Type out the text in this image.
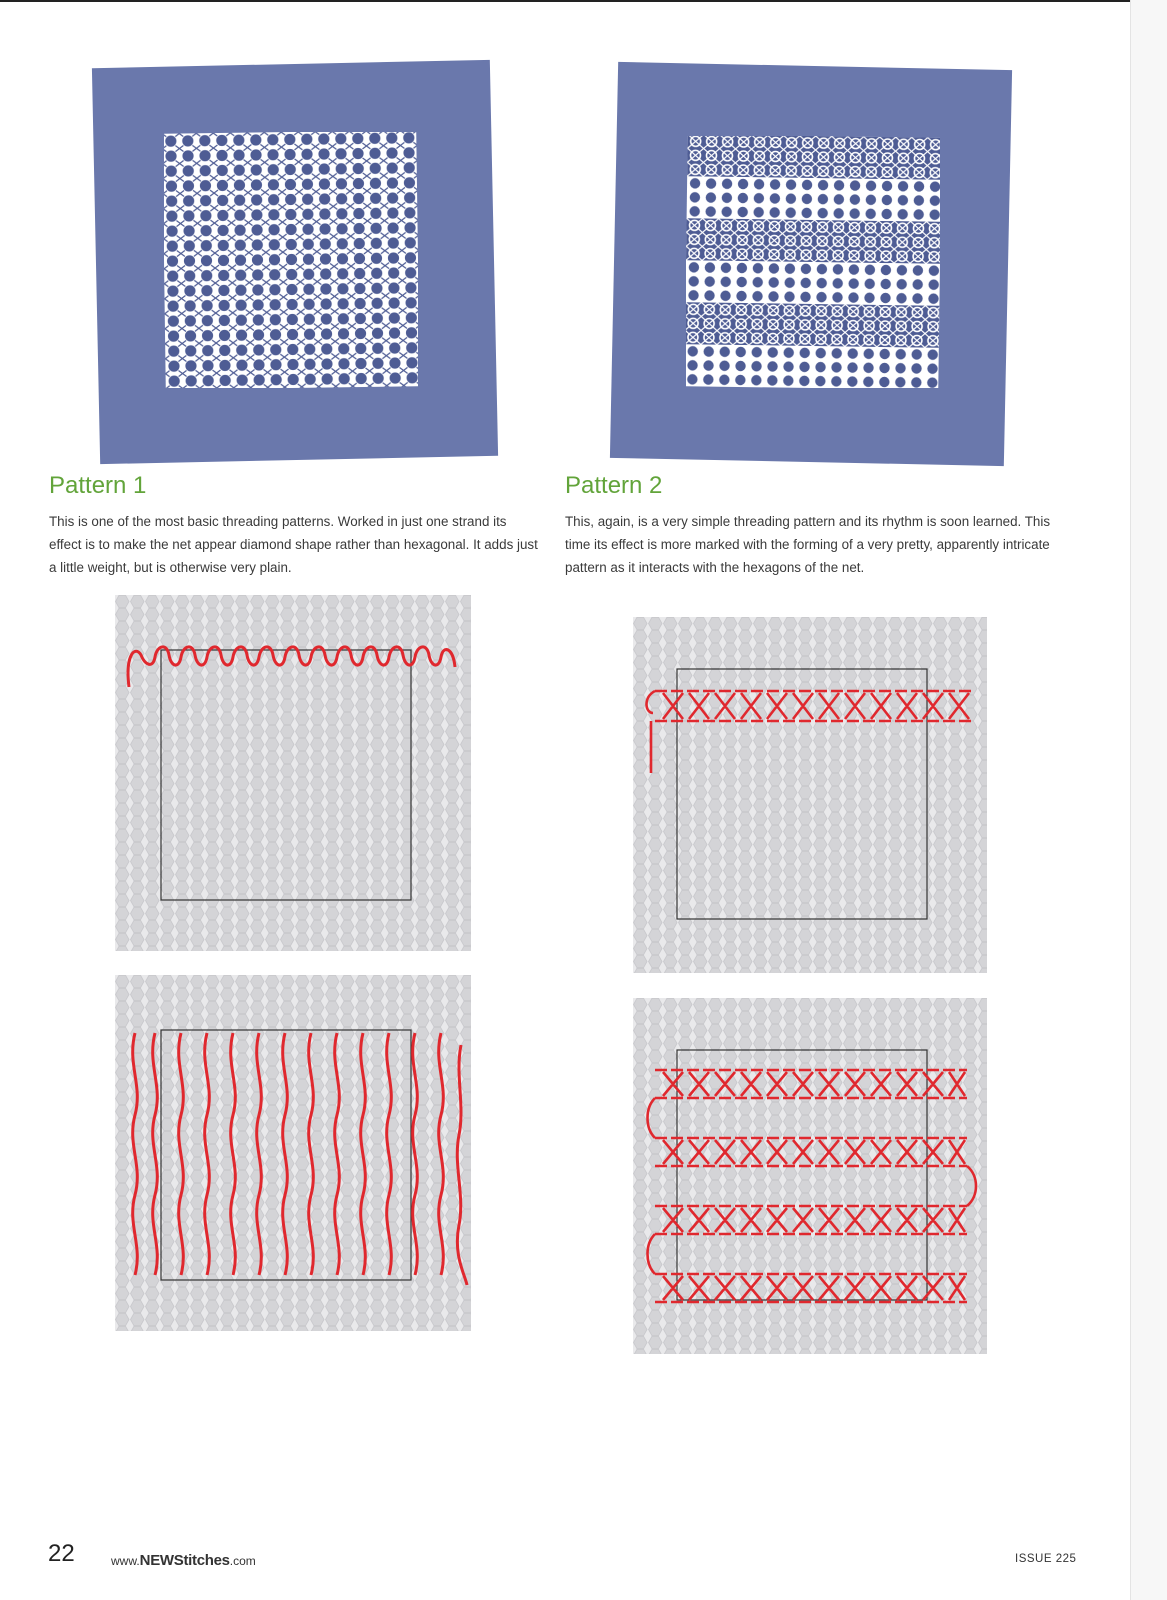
Pattern 1

This is one of the most basic threading patterns. Worked in just one strand its effect is to make the net appear diamond shape rather than hexagonal. It adds just a little weight, but is otherwise very plain.

Pattern 2

This, again, is a very simple threading pattern and its rhythm is soon learned. This time its effect is more marked with the forming of a very pretty, apparently intricate pattern as it interacts with the hexagons of the net.

22	www.NEWStitches.com	ISSUE 225
